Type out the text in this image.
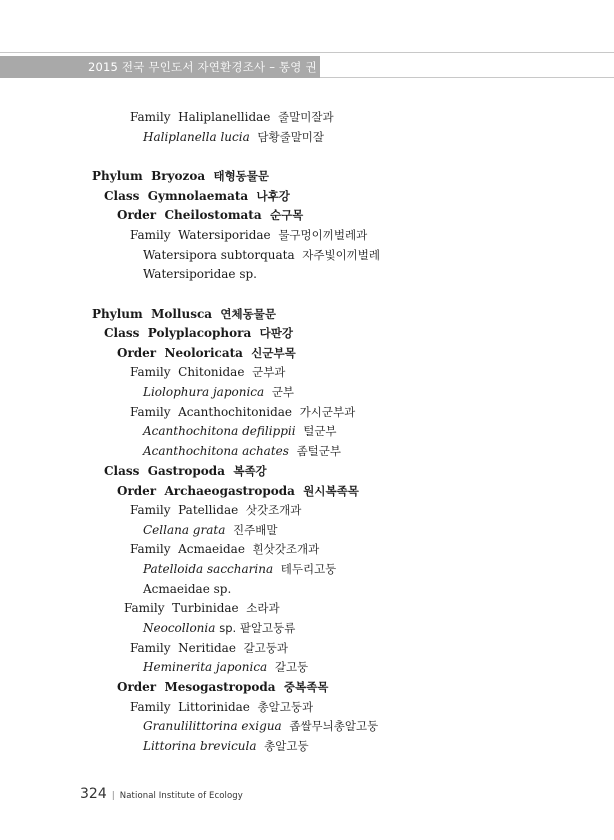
2015 전국 무인도서 자연환경조사 – 통영 권역
Family Haliplanellidae 줄말미잘과
Haliplanella lucia 담황줄말미잘
Phylum Bryozoa 태형동물문
Class Gymnolaemata 나후강
Order Cheilostomata 순구목
Family Watersiporidae 물구멍이끼벌레과
Watersipora subtorquata 자주빛이끼벌레
Watersiporidae sp.
Phylum Mollusca 연체동물문
Class Polyplacophora 다판강
Order Neoloricata 신군부목
Family Chitonidae 군부과
Liolophura japonica 군부
Family Acanthochitonidae 가시군부과
Acanthochitona defilippii 털군부
Acanthochitona achates 좀털군부
Class Gastropoda 복족강
Order Archaeogastropoda 원시복족목
Family Patellidae 삿갓조개과
Cellana grata 진주배말
Family Acmaeidae 흰삿갓조개과
Patelloida saccharina 테두리고둥
Acmaeidae sp.
Family Turbinidae 소라과
Neocollonia sp. 팥알고둥류
Family Neritidae 갈고둥과
Heminerita japonica 갈고둥
Order Mesogastropoda 중복족목
Family Littorinidae 총알고둥과
Granulilittorina exigua 좁쌀무늬총알고둥
Littorina brevicula 총알고둥
324 | National Institute of Ecology
